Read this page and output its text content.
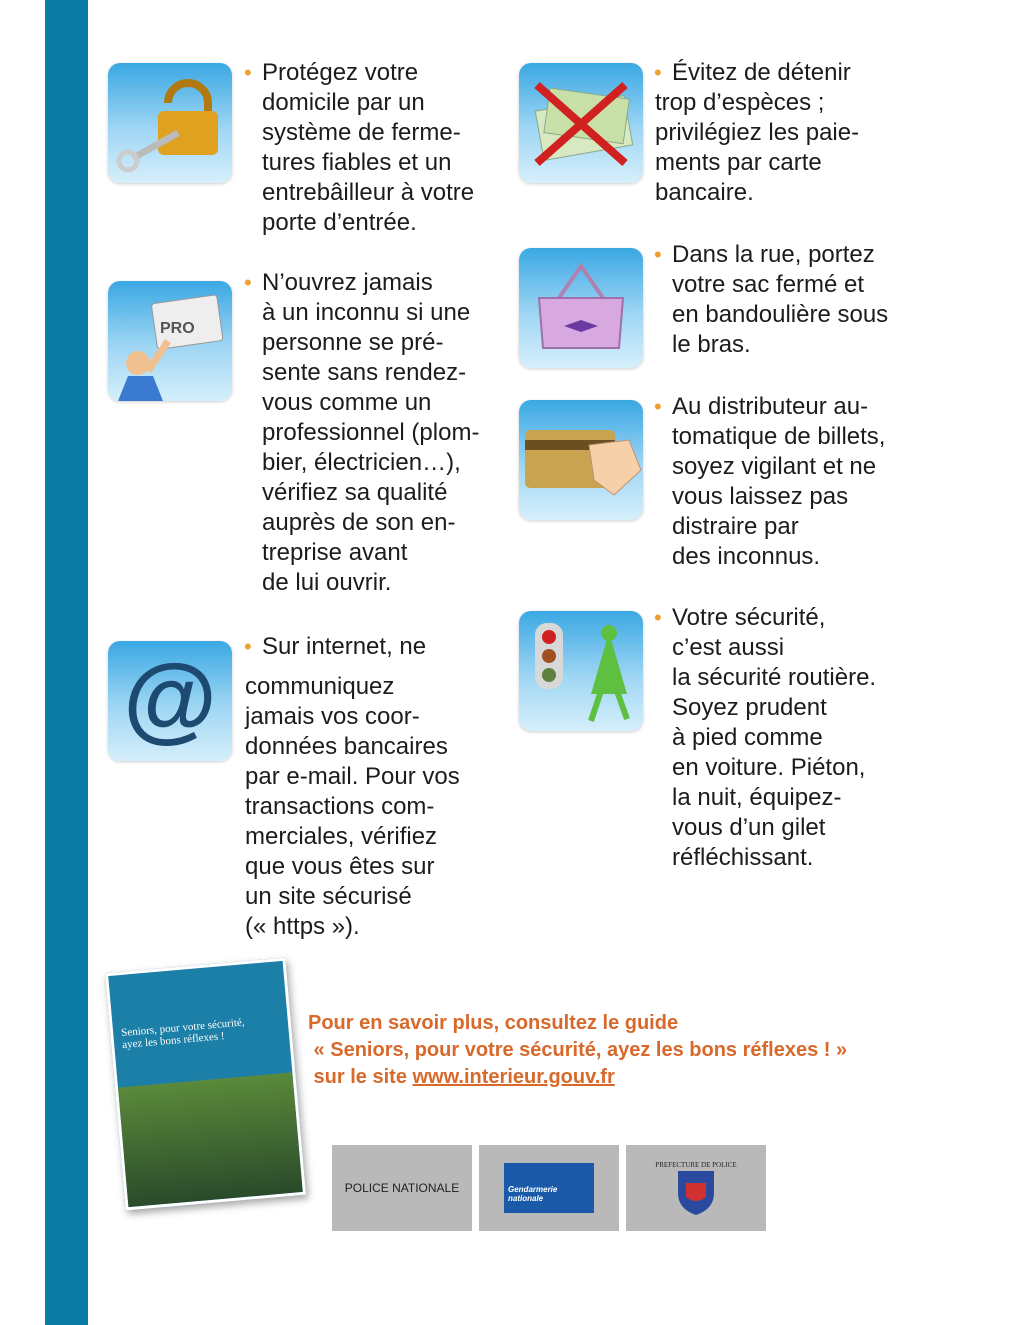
• Protégez votre
domicile par un
système de ferme-
tures fiables et un
entrebâilleur à votre
porte d’entrée.
PRO
• N’ouvrez jamais
à un inconnu si une
personne se pré-
sente sans rendez-
vous comme un
professionnel (plom-
bier, électricien…),
vérifiez sa qualité
auprès de son en-
treprise avant
de lui ouvrir.
@ • Sur internet, ne
communiquez
jamais vos coor-
données bancaires
par e-mail. Pour vos
transactions com-
merciales, vérifiez
que vous êtes sur
un site sécurisé
(« https »).
• Évitez de détenir
trop d’espèces ;
privilégiez les paie-
ments par carte
bancaire.
• Dans la rue, portez
votre sac fermé et
en bandoulière sous
le bras.
• Au distributeur au-
tomatique de billets,
soyez vigilant et ne
vous laissez pas
distraire par
des inconnus.
• Votre sécurité,
c’est aussi
la sécurité routière.
Soyez prudent
à pied comme
en voiture. Piéton,
la nuit, équipez-
vous d’un gilet
réfléchissant.
Seniors, pour votre sécurité,
ayez les bons réflexes !
Pour en savoir plus, consultez le guide
« Seniors, pour votre sécurité, ayez les bons réflexes ! »
sur le site www.interieur.gouv.fr
POLICE NATIONALE	Gendarmerie
nationale
PREFECTURE DE POLICE
